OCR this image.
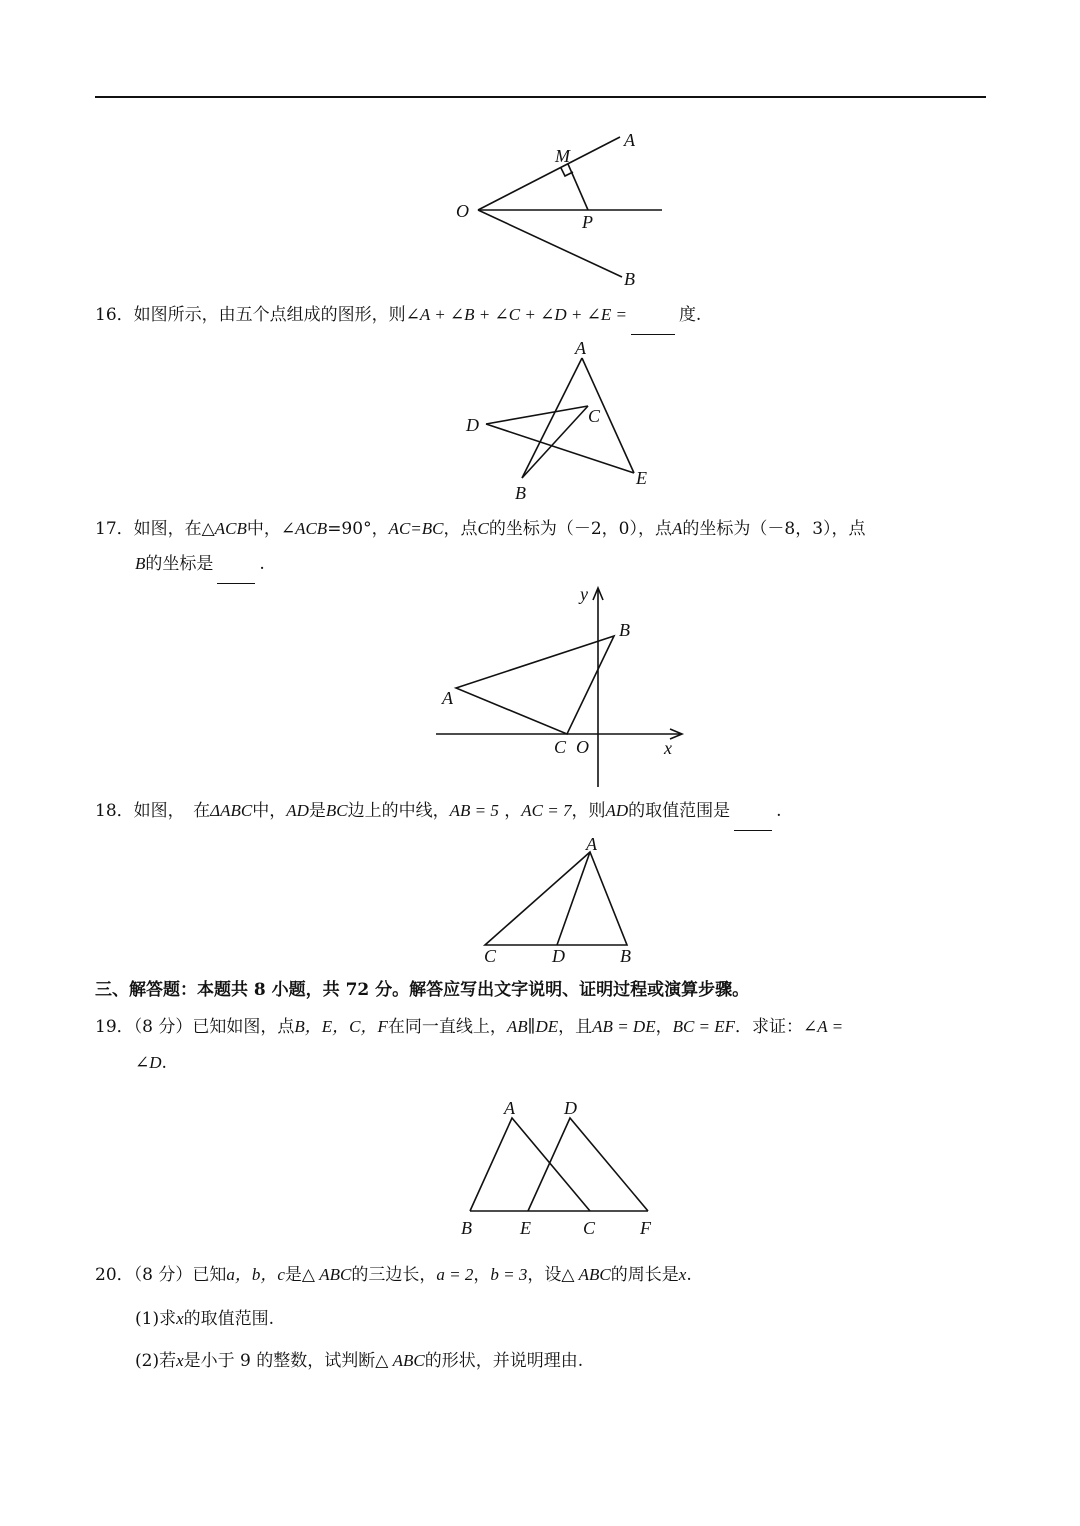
M
A
O
P
B
16．如图所示，由五个点组成的图形，则∠A + ∠B + ∠C + ∠D + ∠E =	度.
A
C
D
E
B
17．如图，在△ACB中，∠ACB=90°，AC=BC，点C的坐标为（－2，0），点A的坐标为（－8，3），点
B的坐标是	.
y
B
A
C O	x
18．如图，　在ΔABC中，AD是BC边上的中线，AB = 5 ，AC = 7，则AD的取值范围是	.
A
C	D	B
三、解答题：本题共 8 小题，共 72 分。解答应写出文字说明、证明过程或演算步骤。
19．（8 分）已知如图，点B，E，C，F在同一直线上，AB∥DE，且AB = DE，BC = EF．求证：∠A =
∠D.
A	D
B	E	C F
20．（8 分）已知a，b，c是△ ABC的三边长，a = 2，b = 3，设△ ABC的周长是x.
(1)求x的取值范围.
(2)若x是小于 9 的整数，试判断△ ABC的形状，并说明理由.
